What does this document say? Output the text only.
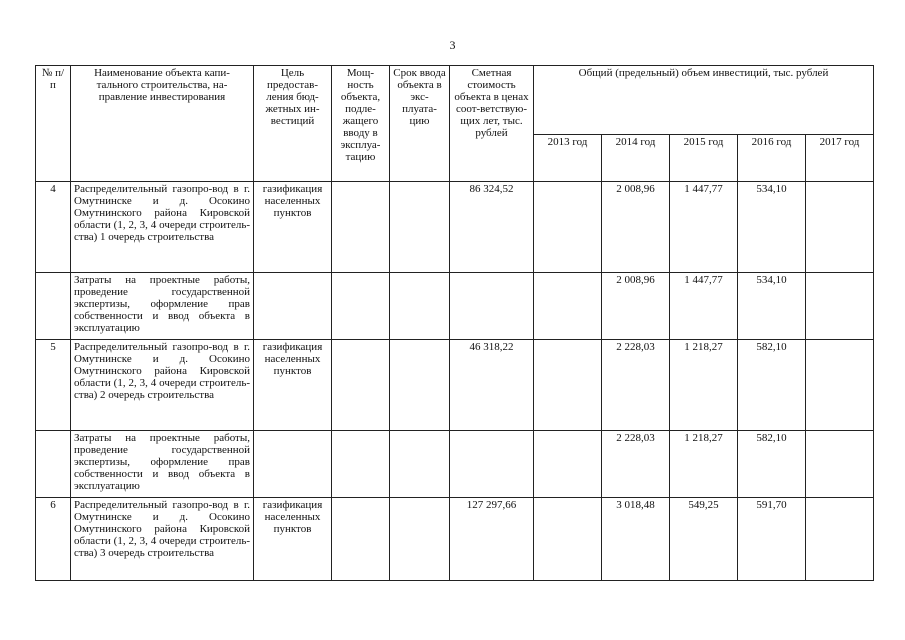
3
№ п/п	Наименование объекта капи-тального строительства, на-правление инвестирования	Цель предостав-ления бюд-жетных ин-вестиций	Мощ-ность объекта, подле-жащего вводу в эксплуа-тацию	Срок ввода объекта в экс-плуата-цию	Сметная стоимость объекта в ценах соот-ветствую-щих лет, тыс. рублей	Общий (предельный) объем инвестиций, тыс. рублей				
						2013 год	2014 год	2015 год	2016 год	2017 год
4	Распределительный газопро-вод в г. Омутнинске и д. Осокино Омутнинского района Кировской области (1, 2, 3, 4 очереди строитель-ства) 1 очередь строительства	газификация населенных пунктов			86 324,52		2 008,96	1 447,77	534,10	
	Затраты на проектные работы, проведение государственной экспертизы, оформление прав собственности и ввод объекта в эксплуатацию						2 008,96	1 447,77	534,10	
5	Распределительный газопро-вод в г. Омутнинске и д. Осокино Омутнинского района Кировской области (1, 2, 3, 4 очереди строитель-ства) 2 очередь строительства	газификация населенных пунктов			46 318,22		2 228,03	1 218,27	582,10	
	Затраты на проектные работы, проведение государственной экспертизы, оформление прав собственности и ввод объекта в эксплуатацию						2 228,03	1 218,27	582,10	
6	Распределительный газопро-вод в г. Омутнинске и д. Осокино Омутнинского района Кировской области (1, 2, 3, 4 очереди строитель-ства) 3 очередь строительства	газификация населенных пунктов			127 297,66		3 018,48	549,25	591,70	
